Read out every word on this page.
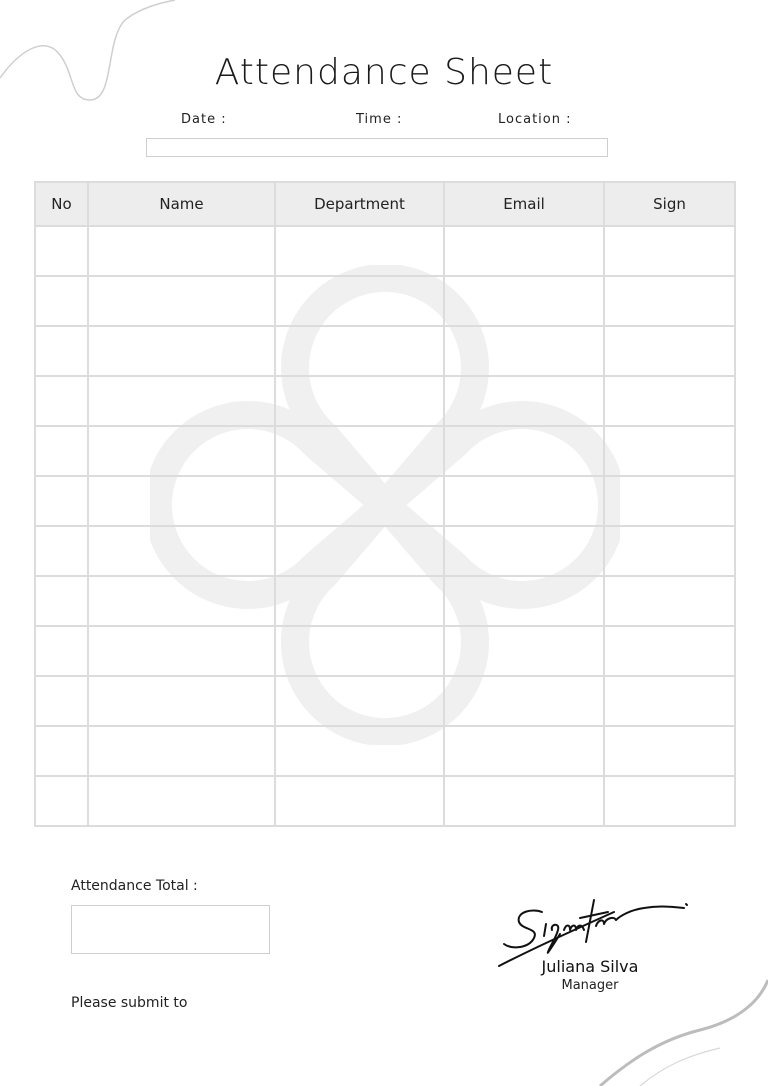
Attendance Sheet
Date :	Time :	Location :
No	Name	Department	Email	Sign

Attendance Total :
Please submit to
Juliana Silva
Manager
